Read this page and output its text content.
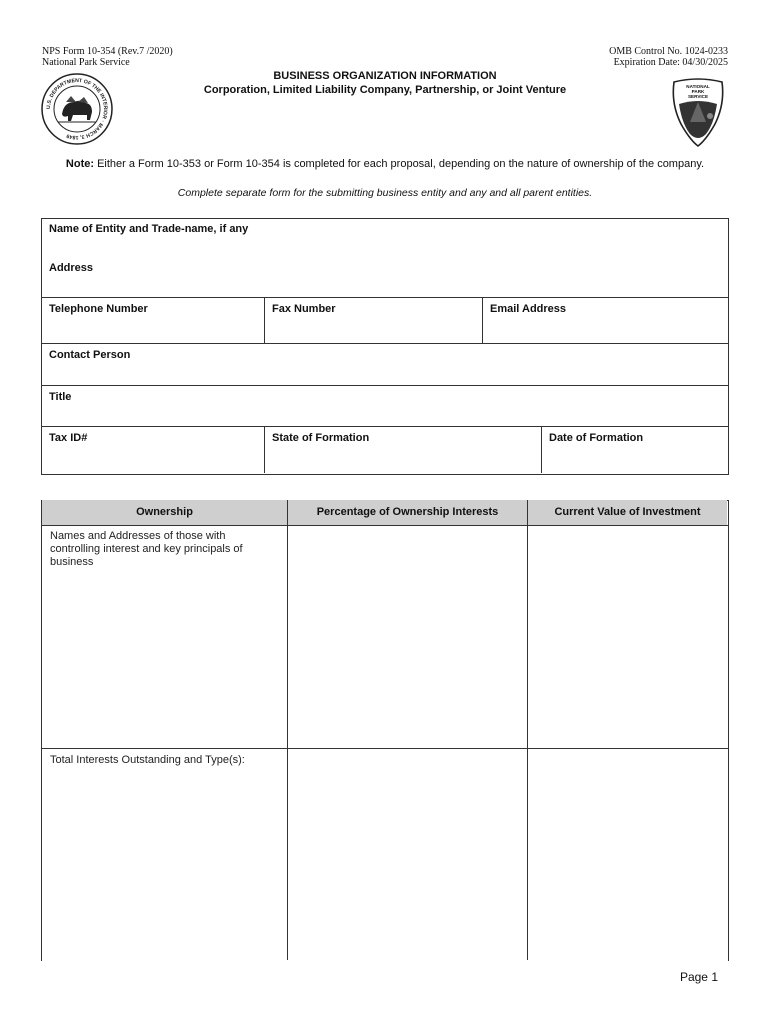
NPS Form 10-354 (Rev.7 /2020)
National Park Service
OMB Control No. 1024-0233
Expiration Date: 04/30/2025
BUSINESS ORGANIZATION INFORMATION
Corporation, Limited Liability Company, Partnership, or Joint Venture
U.S. DEPARTMENT OF THE INTERIOR · MARCH 3, 1849
NATIONAL
PARK
SERVICE
Note: Either a Form 10-353 or Form 10-354 is completed for each proposal, depending on the nature of ownership of the company.
Complete separate form for the submitting business entity and any and all parent entities.
Name of Entity and Trade-name, if any
Address
Telephone Number	Fax Number	Email Address
Contact Person
Title
Tax ID#	State of Formation	Date of Formation
Ownership	Percentage of Ownership Interests	Current Value of Investment
Names and Addresses of those with controlling interest and key principals of business
Total Interests Outstanding and Type(s):
Page 1
